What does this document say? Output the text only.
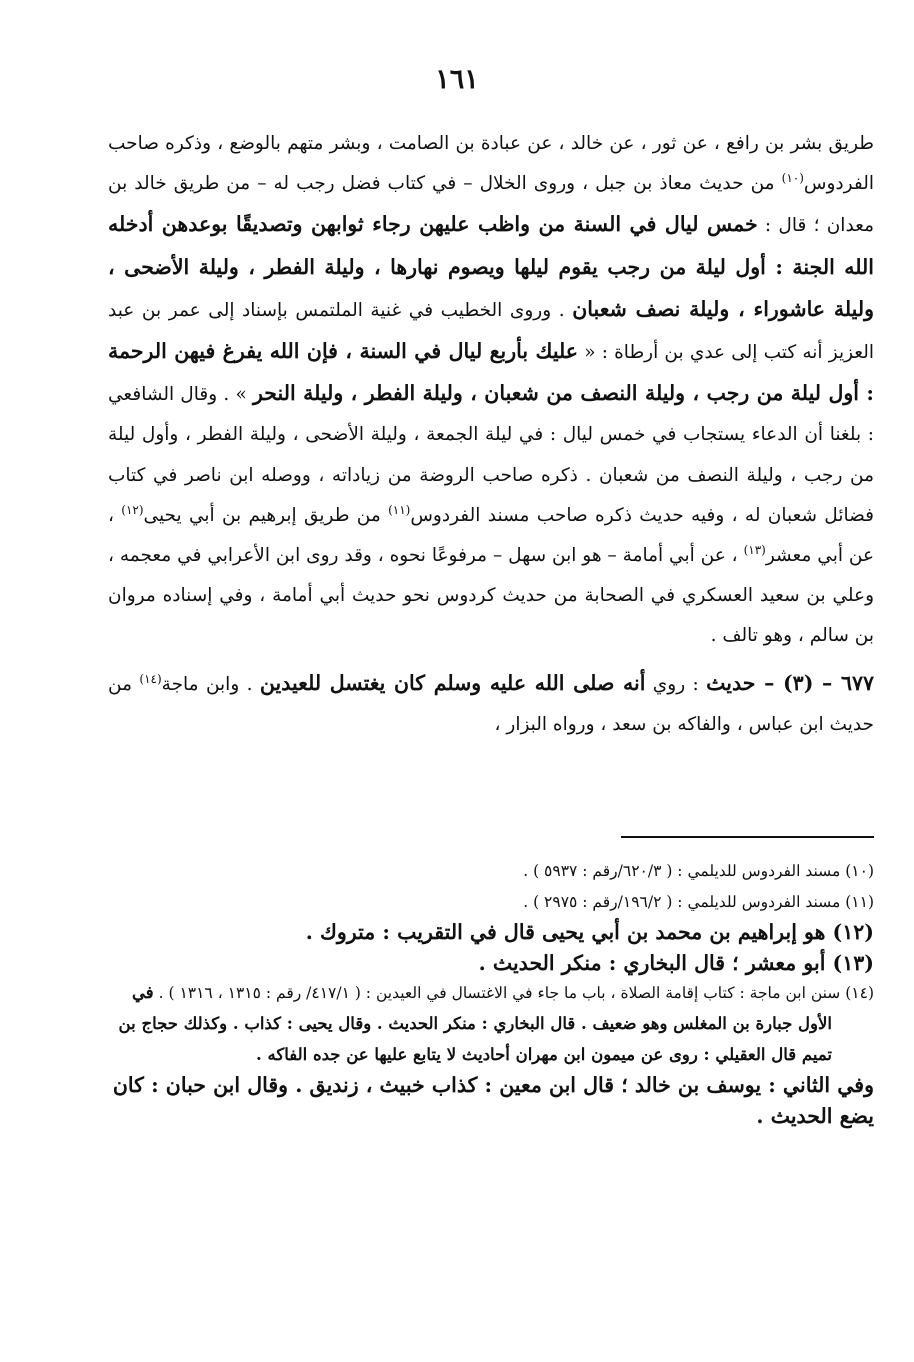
١٦١

طريق بشر بن رافع ، عن ثور ، عن خالد ، عن عبادة بن الصامت ، وبشر متهم بالوضع ، وذكره صاحب الفردوس$^{(١٠)}$ من حديث معاذ بن جبل ، وروى الخلال – في كتاب فضل رجب له – من طريق خالد بن معدان ؛ قال : خمس ليال في السنة من واظب عليهن رجاء ثوابهن وتصديقًا بوعدهن أدخله الله الجنة : أول ليلة من رجب يقوم ليلها ويصوم نهارها ، وليلة الفطر ، وليلة الأضحى ، وليلة عاشوراء ، وليلة نصف شعبان . وروى الخطيب في غنية الملتمس بإسناد إلى عمر بن عبد العزيز أنه كتب إلى عدي بن أرطاة : « عليك بأربع ليال في السنة ، فإن الله يفرغ فيهن الرحمة : أول ليلة من رجب ، وليلة النصف من شعبان ، وليلة الفطر ، وليلة النحر » . وقال الشافعي : بلغنا أن الدعاء يستجاب في خمس ليال : في ليلة الجمعة ، وليلة الأضحى ، وليلة الفطر ، وأول ليلة من رجب ، وليلة النصف من شعبان . ذكره صاحب الروضة من زياداته ، ووصله ابن ناصر في كتاب فضائل شعبان له ، وفيه حديث ذكره صاحب مسند الفردوس$^{(١١)}$ من طريق إبرهيم بن أبي يحيى$^{(١٢)}$ ، عن أبي معشر$^{(١٣)}$ ، عن أبي أمامة – هو ابن سهل – مرفوعًا نحوه ، وقد روى ابن الأعرابي في معجمه ، وعلي بن سعيد العسكري في الصحابة من حديث كردوس نحو حديث أبي أمامة ، وفي إسناده مروان بن سالم ، وهو تالف .

٦٧٧ – (٣) – حديث : روي أنه صلى الله عليه وسلم كان يغتسل للعيدين . وابن ماجة$^{(١٤)}$ من حديث ابن عباس ، والفاكه بن سعد ، ورواه البزار ،

(١٠) مسند الفردوس للديلمي : ( ٦٢٠/٣/رقم : ٥٩٣٧ ) .

(١١) مسند الفردوس للديلمي : ( ١٩٦/٢/رقم : ٢٩٧٥ ) .

(١٢) هو إبراهيم بن محمد بن أبي يحيى قال في التقريب : متروك .

(١٣) أبو معشر ؛ قال البخاري : منكر الحديث .

(١٤) سنن ابن ماجة : كتاب إقامة الصلاة ، باب ما جاء في الاغتسال في العيدين : ( ٤١٧/١/ رقم : ١٣١٥ ، ١٣١٦ ) . في الأول جبارة بن المغلس وهو ضعيف . قال البخاري : منكر الحديث . وقال يحيى : كذاب . وكذلك حجاج بن تميم قال العقيلي : روى عن ميمون ابن مهران أحاديث لا يتابع عليها عن جده الفاكه .

وفي الثاني : يوسف بن خالد ؛ قال ابن معين : كذاب خبيث ، زنديق . وقال ابن حبان : كان يضع الحديث .
